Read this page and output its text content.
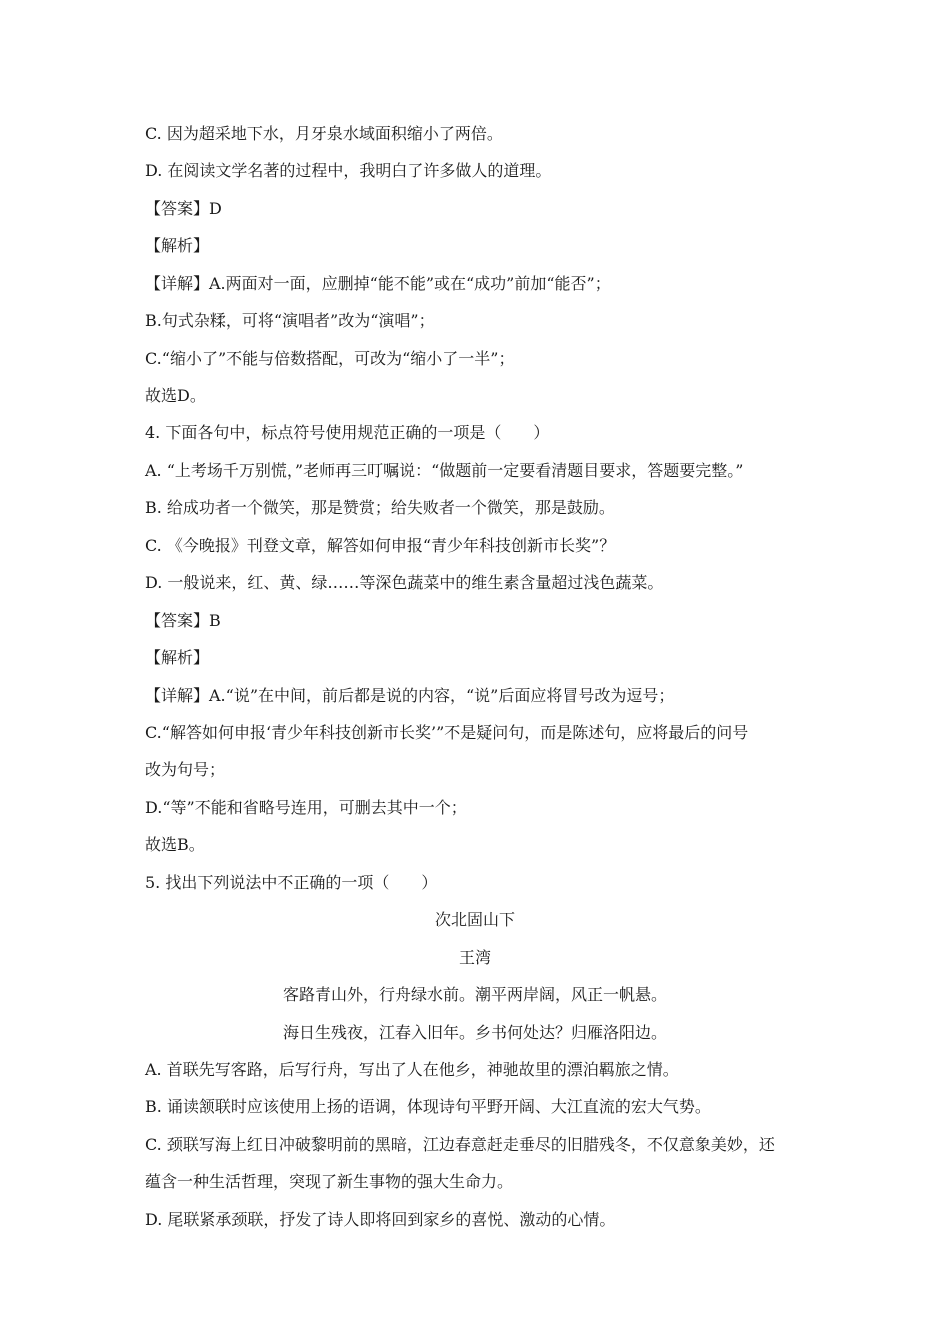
C. 因为超采地下水，月牙泉水域面积缩小了两倍。
D. 在阅读文学名著的过程中，我明白了许多做人的道理。
【答案】D
【解析】
【详解】A.两面对一面，应删掉“能不能”或在“成功”前加“能否”；
B.句式杂糅，可将“演唱者”改为“演唱”；
C.“缩小了”不能与倍数搭配，可改为“缩小了一半”；
故选D。
4. 下面各句中，标点符号使用规范正确的一项是（　　）
A. “上考场千万别慌，”老师再三叮嘱说：“做题前一定要看清题目要求，答题要完整。”
B. 给成功者一个微笑，那是赞赏；给失败者一个微笑，那是鼓励。
C. 《今晚报》刊登文章，解答如何申报“青少年科技创新市长奖”？
D. 一般说来，红、黄、绿……等深色蔬菜中的维生素含量超过浅色蔬菜。
【答案】B
【解析】
【详解】A.“说”在中间，前后都是说的内容，“说”后面应将冒号改为逗号；
C.“解答如何申报‘青少年科技创新市长奖’”不是疑问句，而是陈述句，应将最后的问号
改为句号；
D.“等”不能和省略号连用，可删去其中一个；
故选B。
5. 找出下列说法中不正确的一项（　　）
次北固山下
王湾
客路青山外，行舟绿水前。潮平两岸阔，风正一帆悬。
海日生残夜，江春入旧年。乡书何处达？归雁洛阳边。
A. 首联先写客路，后写行舟，写出了人在他乡，神驰故里的漂泊羁旅之情。
B. 诵读颔联时应该使用上扬的语调，体现诗句平野开阔、大江直流的宏大气势。
C. 颈联写海上红日冲破黎明前的黑暗，江边春意赶走垂尽的旧腊残冬，不仅意象美妙，还
蕴含一种生活哲理，突现了新生事物的强大生命力。
D. 尾联紧承颈联，抒发了诗人即将回到家乡的喜悦、激动的心情。
